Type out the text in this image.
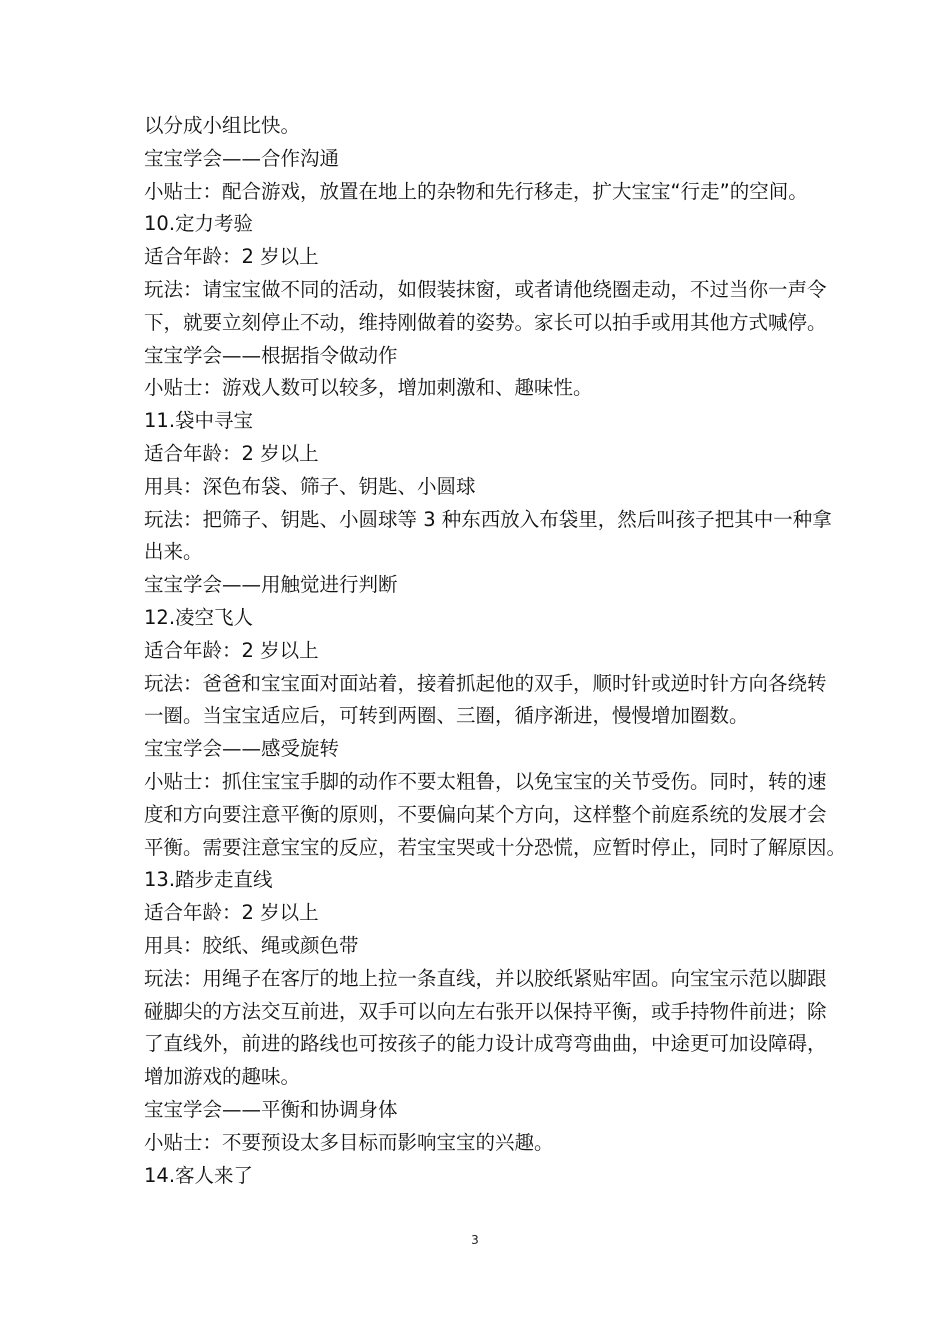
以分成小组比快。
宝宝学会——合作沟通
小贴士：配合游戏，放置在地上的杂物和先行移走，扩大宝宝“行走”的空间。
10.定力考验
适合年龄：2 岁以上
玩法：请宝宝做不同的活动，如假装抹窗，或者请他绕圈走动，不过当你一声令
下，就要立刻停止不动，维持刚做着的姿势。家长可以拍手或用其他方式喊停。
宝宝学会——根据指令做动作
小贴士：游戏人数可以较多，增加刺激和、趣味性。
11.袋中寻宝
适合年龄：2 岁以上
用具：深色布袋、筛子、钥匙、小圆球
玩法：把筛子、钥匙、小圆球等 3 种东西放入布袋里，然后叫孩子把其中一种拿
出来。
宝宝学会——用触觉进行判断
12.凌空飞人
适合年龄：2 岁以上
玩法：爸爸和宝宝面对面站着，接着抓起他的双手，顺时针或逆时针方向各绕转
一圈。当宝宝适应后，可转到两圈、三圈，循序渐进，慢慢增加圈数。
宝宝学会——感受旋转
小贴士：抓住宝宝手脚的动作不要太粗鲁，以免宝宝的关节受伤。同时，转的速
度和方向要注意平衡的原则，不要偏向某个方向，这样整个前庭系统的发展才会
平衡。需要注意宝宝的反应，若宝宝哭或十分恐慌，应暂时停止，同时了解原因。
13.踏步走直线
适合年龄：2 岁以上
用具：胶纸、绳或颜色带
玩法：用绳子在客厅的地上拉一条直线，并以胶纸紧贴牢固。向宝宝示范以脚跟
碰脚尖的方法交互前进，双手可以向左右张开以保持平衡，或手持物件前进；除
了直线外，前进的路线也可按孩子的能力设计成弯弯曲曲，中途更可加设障碍，
增加游戏的趣味。
宝宝学会——平衡和协调身体
小贴士：不要预设太多目标而影响宝宝的兴趣。
14.客人来了
3
